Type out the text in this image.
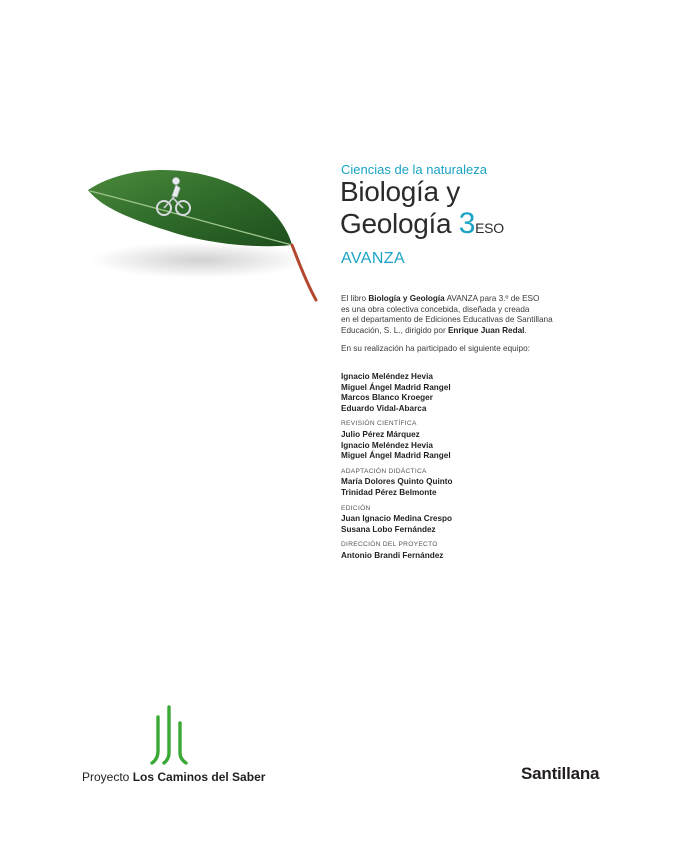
Ciencias de la naturaleza
Biología y
Geología 3ESO
AVANZA
El libro Biología y Geología AVANZA para 3.º de ESO
es una obra colectiva concebida, diseñada y creada
en el departamento de Ediciones Educativas de Santillana
Educación, S. L., dirigido por Enrique Juan Redal.
En su realización ha participado el siguiente equipo:
Ignacio Meléndez Hevia
Miguel Ángel Madrid Rangel
Marcos Blanco Kroeger
Eduardo Vidal-Abarca
REVISIÓN CIENTÍFICA
Julio Pérez Márquez
Ignacio Meléndez Hevia
Miguel Ángel Madrid Rangel
ADAPTACIÓN DIDÁCTICA
María Dolores Quinto Quinto
Trinidad Pérez Belmonte
EDICIÓN
Juan Ignacio Medina Crespo
Susana Lobo Fernández
DIRECCIÓN DEL PROYECTO
Antonio Brandi Fernández
Proyecto Los Caminos del Saber	Santillana
